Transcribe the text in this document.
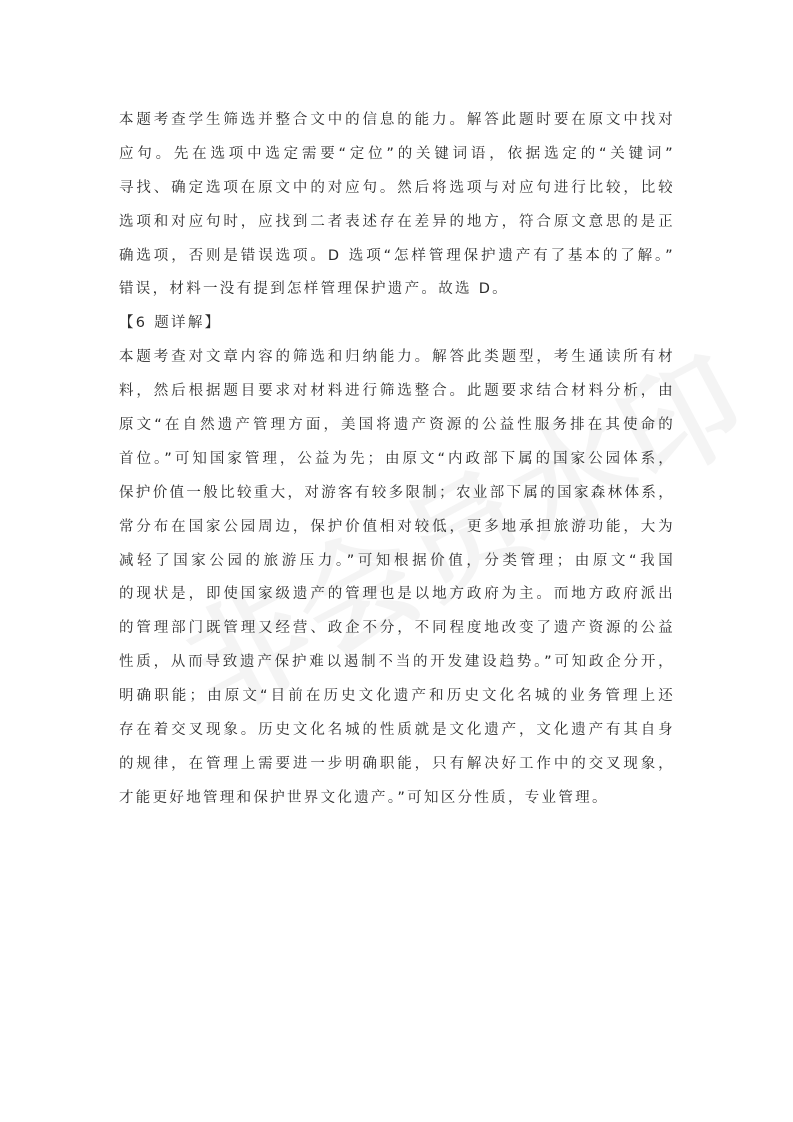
本题考查学生筛选并整合文中的信息的能力。解答此题时要在原文中找对
应句。先在选项中选定需要“定位”的关键词语，依据选定的“关键词”
寻找、确定选项在原文中的对应句。然后将选项与对应句进行比较，比较
选项和对应句时，应找到二者表述存在差异的地方，符合原文意思的是正
确选项，否则是错误选项。D 选项“怎样管理保护遗产有了基本的了解。”
错误，材料一没有提到怎样管理保护遗产。故选 D。
【6 题详解】
本题考查对文章内容的筛选和归纳能力。解答此类题型，考生通读所有材
料，然后根据题目要求对材料进行筛选整合。此题要求结合材料分析，由
原文“在自然遗产管理方面，美国将遗产资源的公益性服务排在其使命的
首位。”可知国家管理，公益为先；由原文“内政部下属的国家公园体系，
保护价值一般比较重大，对游客有较多限制；农业部下属的国家森林体系，
常分布在国家公园周边，保护价值相对较低，更多地承担旅游功能，大为
减轻了国家公园的旅游压力。”可知根据价值，分类管理；由原文“我国
的现状是，即使国家级遗产的管理也是以地方政府为主。而地方政府派出
的管理部门既管理又经营、政企不分，不同程度地改变了遗产资源的公益
性质，从而导致遗产保护难以遏制不当的开发建设趋势。”可知政企分开，
明确职能；由原文“目前在历史文化遗产和历史文化名城的业务管理上还
存在着交叉现象。历史文化名城的性质就是文化遗产，文化遗产有其自身
的规律，在管理上需要进一步明确职能，只有解决好工作中的交叉现象，
才能更好地管理和保护世界文化遗产。”可知区分性质，专业管理。
